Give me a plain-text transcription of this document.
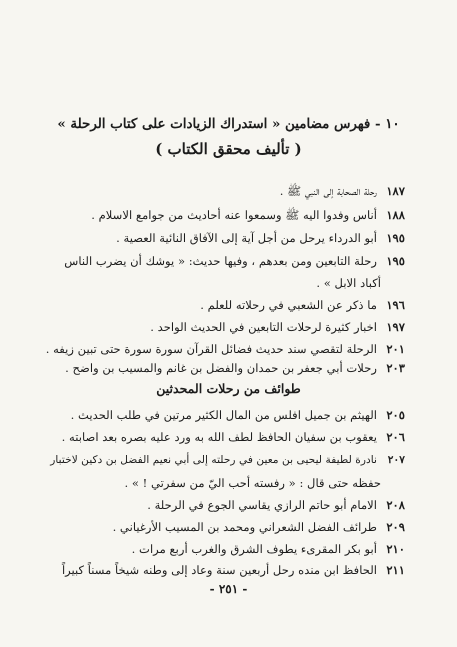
١٠ - فهرس مضامين « استدراك الزيادات على كتاب الرحلة »
( تأليف محقق الكتاب )
١٨٧رحلة الصحابة إلى النبي ﷺ .
١٨٨أناس وفدوا اليه ﷺ وسمعوا عنه أحاديث من جوامع الاسلام .
١٩٥أبو الدرداء يرحل من أجل آية إلى الآفاق النائية العصية .
١٩٥رحلة التابعين ومن بعدهم ، وفيها حديث: « يوشك أن يضرب الناس
أكباد الابل » .
١٩٦ما ذكر عن الشعبي في رحلاته للعلم .
١٩٧اخبار كثيرة لرحلات التابعين في الحديث الواحد .
٢٠١الرحلة لتقصي سند حديث فضائل القرآن سورة سورة حتى تبين زيفه .
٢٠٣رحلات أبي جعفر بن حمدان والفضل بن غانم والمسيب بن واضح .
طوائف من رحلات المحدثين
٢٠٥الهيثم بن جميل افلس من المال الكثير مرتين في طلب الحديث .
٢٠٦يعقوب بن سفيان الحافظ لطف الله به ورد عليه بصره بعد اصابته .
٢٠٧نادرة لطيفة ليحيى بن معين في رحلته إلى أبي نعيم الفضل بن دكين لاختبار
حفظه حتى قال : « رفسته أحب اليّ من سفرتي ! » .
٢٠٨الامام أبو حاتم الرازي يقاسي الجوع في الرحلة .
٢٠٩طرائف الفضل الشعراني ومحمد بن المسيب الأرغياني .
٢١٠أبو بكر المقرىء يطوف الشرق والغرب أربع مرات .
٢١١الحافظ ابن منده رحل أربعين سنة وعاد إلى وطنه شيخاً مسناً كبيراً
- ٢٥١ -
